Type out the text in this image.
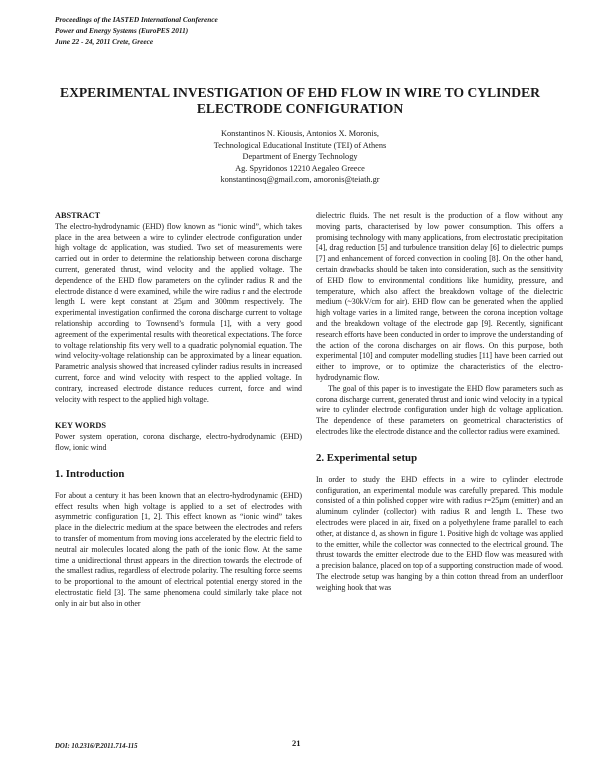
Proceedings of the IASTED International Conference
Power and Energy Systems (EuroPES 2011)
June 22 - 24, 2011 Crete, Greece
EXPERIMENTAL INVESTIGATION OF EHD FLOW IN WIRE TO CYLINDER ELECTRODE CONFIGURATION
Konstantinos N. Kiousis, Antonios X. Moronis,
Technological Educational Institute (TEI) of Athens
Department of Energy Technology
Ag. Spyridonos 12210 Aegaleo Greece
konstantinosq@gmail.com, amoronis@teiath.gr
ABSTRACT

The electro-hydrodynamic (EHD) flow known as “ionic wind”, which takes place in the area between a wire to cylinder electrode configuration under high voltage dc application, was studied. Two set of measurements were carried out in order to determine the relationship between corona discharge current, generated thrust, wind velocity and the applied voltage. The dependence of the EHD flow parameters on the cylinder radius R and the electrode distance d were examined, while the wire radius r and the electrode length L were kept constant at 25μm and 300mm respectively. The experimental investigation confirmed the corona discharge current to voltage relationship according to Townsend’s formula [1], with a very good agreement of the experimental results with theoretical expectations. The force to voltage relationship fits very well to a quadratic polynomial equation. The wind velocity-voltage relationship can be approximated by a linear equation. Parametric analysis showed that increased cylinder radius results in increased current, force and wind velocity with respect to the applied voltage. In contrary, increased electrode distance reduces current, force and wind velocity with respect to the applied high voltage.

KEY WORDS

Power system operation, corona discharge, electro-hydrodynamic (EHD) flow, ionic wind

1. Introduction

For about a century it has been known that an electro-hydrodynamic (EHD) effect results when high voltage is applied to a set of electrodes with asymmetric configuration [1, 2]. This effect known as “ionic wind” takes place in the dielectric medium at the space between the electrodes and refers to transfer of momentum from moving ions accelerated by the electric field to neutral air molecules located along the path of the ionic flow. At the same time a unidirectional thrust appears in the direction towards the electrode of the smallest radius, regardless of electrode polarity. The resulting force seems to be proportional to the amount of electrical potential energy stored in the electrostatic field [3]. The same phenomena could similarly take place not only in air but also in other

dielectric fluids. The net result is the production of a flow without any moving parts, characterised by low power consumption. This offers a promising technology with many applications, from electrostatic precipitation [4], drag reduction [5] and turbulence transition delay [6] to dielectric pumps [7] and enhancement of forced convection in cooling [8]. On the other hand, certain drawbacks should be taken into consideration, such as the sensitivity of EHD flow to environmental conditions like humidity, pressure, and temperature, which also affect the breakdown voltage of the dielectric medium (~30kV/cm for air). EHD flow can be generated when the applied high voltage varies in a limited range, between the corona inception voltage and the breakdown voltage of the electrode gap [9]. Recently, significant research efforts have been conducted in order to improve the understanding of the action of the corona discharges on air flows. On this purpose, both experimental [10] and computer modelling studies [11] have been carried out either to improve, or to optimize the characteristics of the electro-hydrodynamic flow.

The goal of this paper is to investigate the EHD flow parameters such as corona discharge current, generated thrust and ionic wind velocity in a typical wire to cylinder electrode configuration under high dc voltage application. The dependence of these parameters on geometrical characteristics of electrodes like the electrode distance and the collector radius were examined.

2. Experimental setup

In order to study the EHD effects in a wire to cylinder electrode configuration, an experimental module was carefully prepared. This module consisted of a thin polished copper wire with radius r=25μm (emitter) and an aluminum cylinder (collector) with radius R and length L. These two electrodes were placed in air, fixed on a polyethylene frame parallel to each other, at distance d, as shown in figure 1. Positive high dc voltage was applied to the emitter, while the collector was connected to the electrical ground. The thrust towards the emitter electrode due to the EHD flow was measured with a precision balance, placed on top of a supporting construction made of wood. The electrode setup was hanging by a thin cotton thread from an underfloor weighing hook that was

DOI: 10.2316/P.2011.714-115	21
